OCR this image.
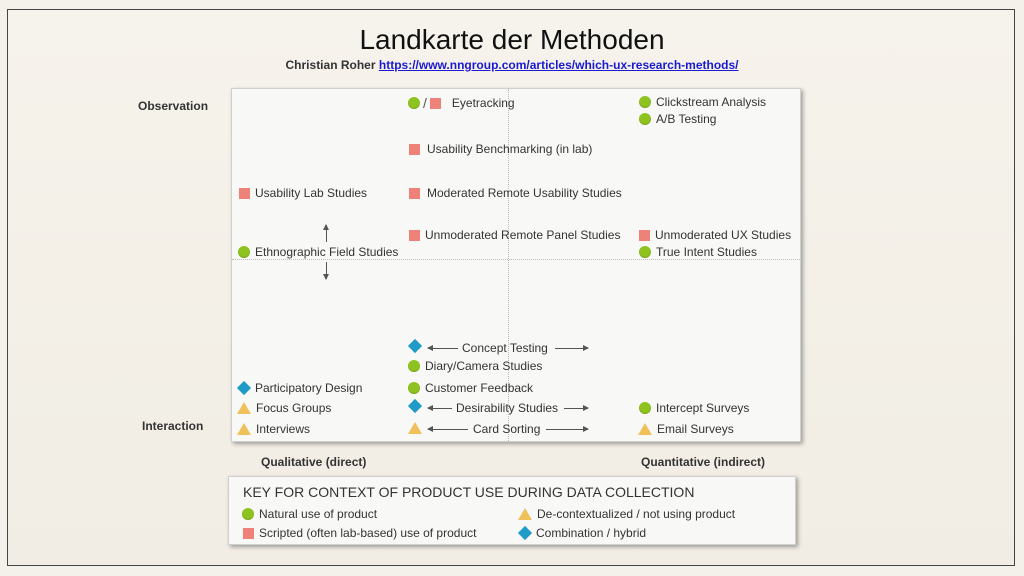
Landkarte der Methoden
Christian Roher https://www.nngroup.com/articles/which-ux-research-methods/
Observation
Interaction
Qualitative (direct)	Quantitative (indirect)
/ Eyetracking	Clickstream Analysis
A/B Testing
Usability Benchmarking (in lab)
Usability Lab Studies	Moderated Remote Usability Studies
Unmoderated Remote Panel Studies	Unmoderated UX Studies
Ethnographic Field Studies	True Intent Studies
Concept Testing
Diary/Camera Studies
Participatory Design	Customer Feedback
Focus Groups	Desirability Studies	Intercept Surveys
Interviews	Card Sorting	Email Surveys
KEY FOR CONTEXT OF PRODUCT USE DURING DATA COLLECTION
Natural use of product
Scripted (often lab-based) use of product
De-contextualized / not using product
Combination / hybrid
